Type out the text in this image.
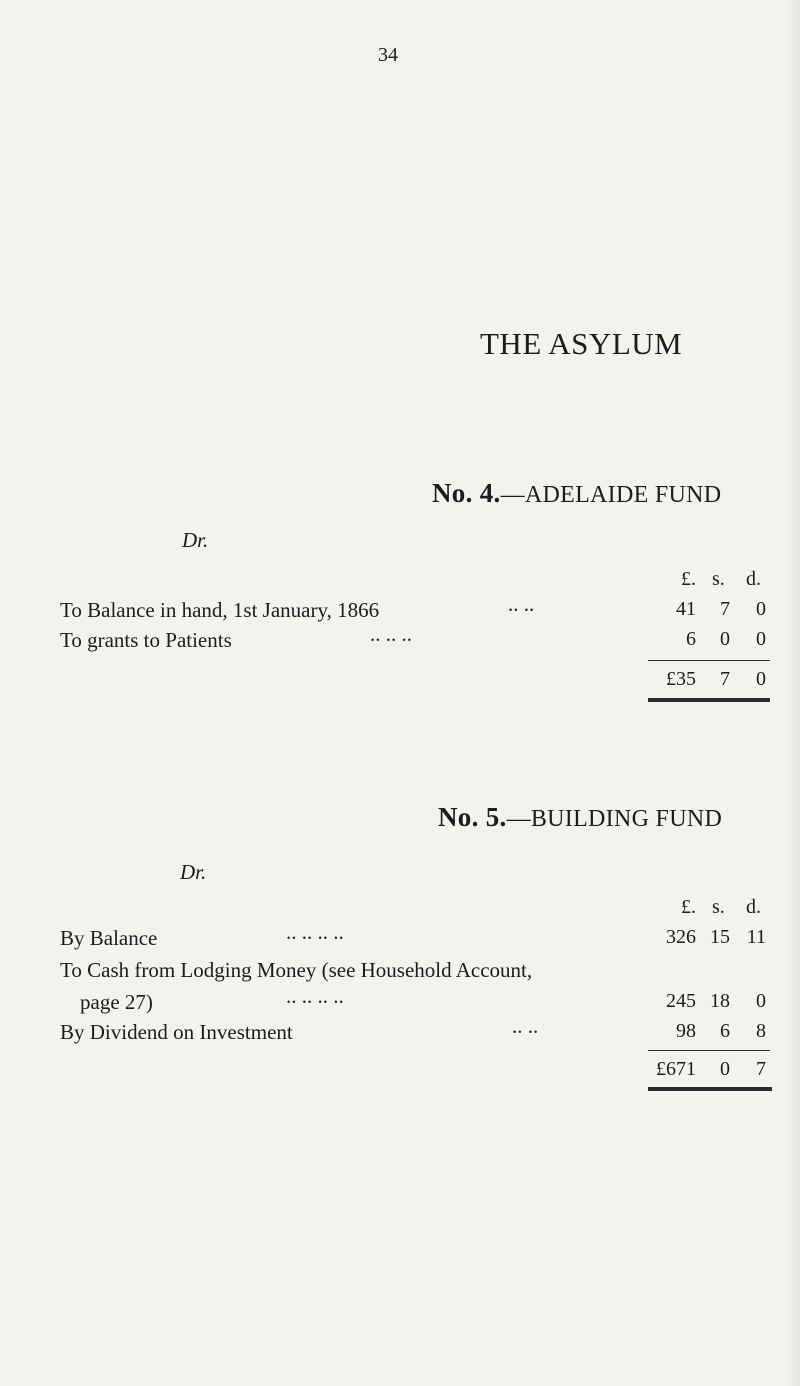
34
THE ASYLUM
No. 4.—ADELAIDE FUND
Dr.
£. s. d.
To Balance in hand, 1st January, 1866	.. ..	41	7	0
To grants to Patients	.. .. ..	6	0	0
£35	7	0
No. 5.—BUILDING FUND
Dr.
£. s. d.
By Balance	.. .. .. ..	326 15 11
To Cash from Lodging Money (see Household Account,
page 27)	.. .. .. ..	245 18	0
By Dividend on Investment	.. ..	98	6	8
£671	0	7
